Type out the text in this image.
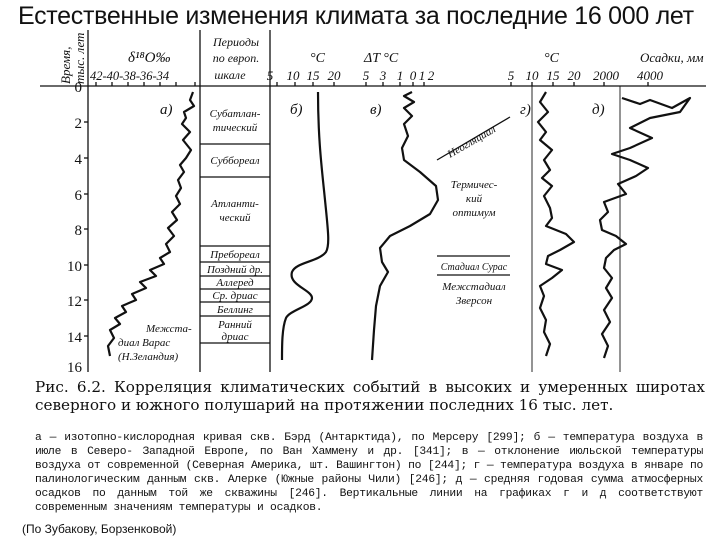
Естественные изменения климата за последние 16 000 лет
Время, тыс. лет
0
2
4
6
8
10
12
14
16
δ¹⁸O‰
42-40-38-36-34
а)
Межста-
диал Варас
(Н.Зеландия)
Периоды
по европ.
шкале
Субатлан-
тический
Суббореал
Атланти-
ческий
Пребореал
Поздний др.
Аллеред
Ср. дриас
Беллинг
Ранний
дриас
°С
5 10 15 20
б)
ΔT °С
5 3 1 0 1 2
в)
Неогляциал
Термичес-
кий
оптимум
Стадиал Сурас
Межстадиал
Зверсон
°С
5 10 15 20
г)
Осадки, мм
2000 4000
д)
Рис. 6.2. Корреляция климатических событий в высоких и умеренных широтах северного и южного полушарий на протяжении последних 16 тыс. лет.
а — изотопно-кислородная кривая скв. Бэрд (Антарктида), по Мерсеру [299]; б — температура воздуха в июле в Северо- Западной Европе, по Ван Хаммену и др. [341]; в — отклонение июльской температуры воздуха от современной (Северная Америка, шт. Вашингтон) по [244]; г — температура воздуха в январе по палинологическим данным скв. Алерке (Южные районы Чили) [246]; д — средняя годовая сумма атмосферных осадков по данным той же скважины [246]. Вертикальные линии на графиках г и д соответствуют современным значениям температуры и осадков.
(По Зубакову, Борзенковой)
